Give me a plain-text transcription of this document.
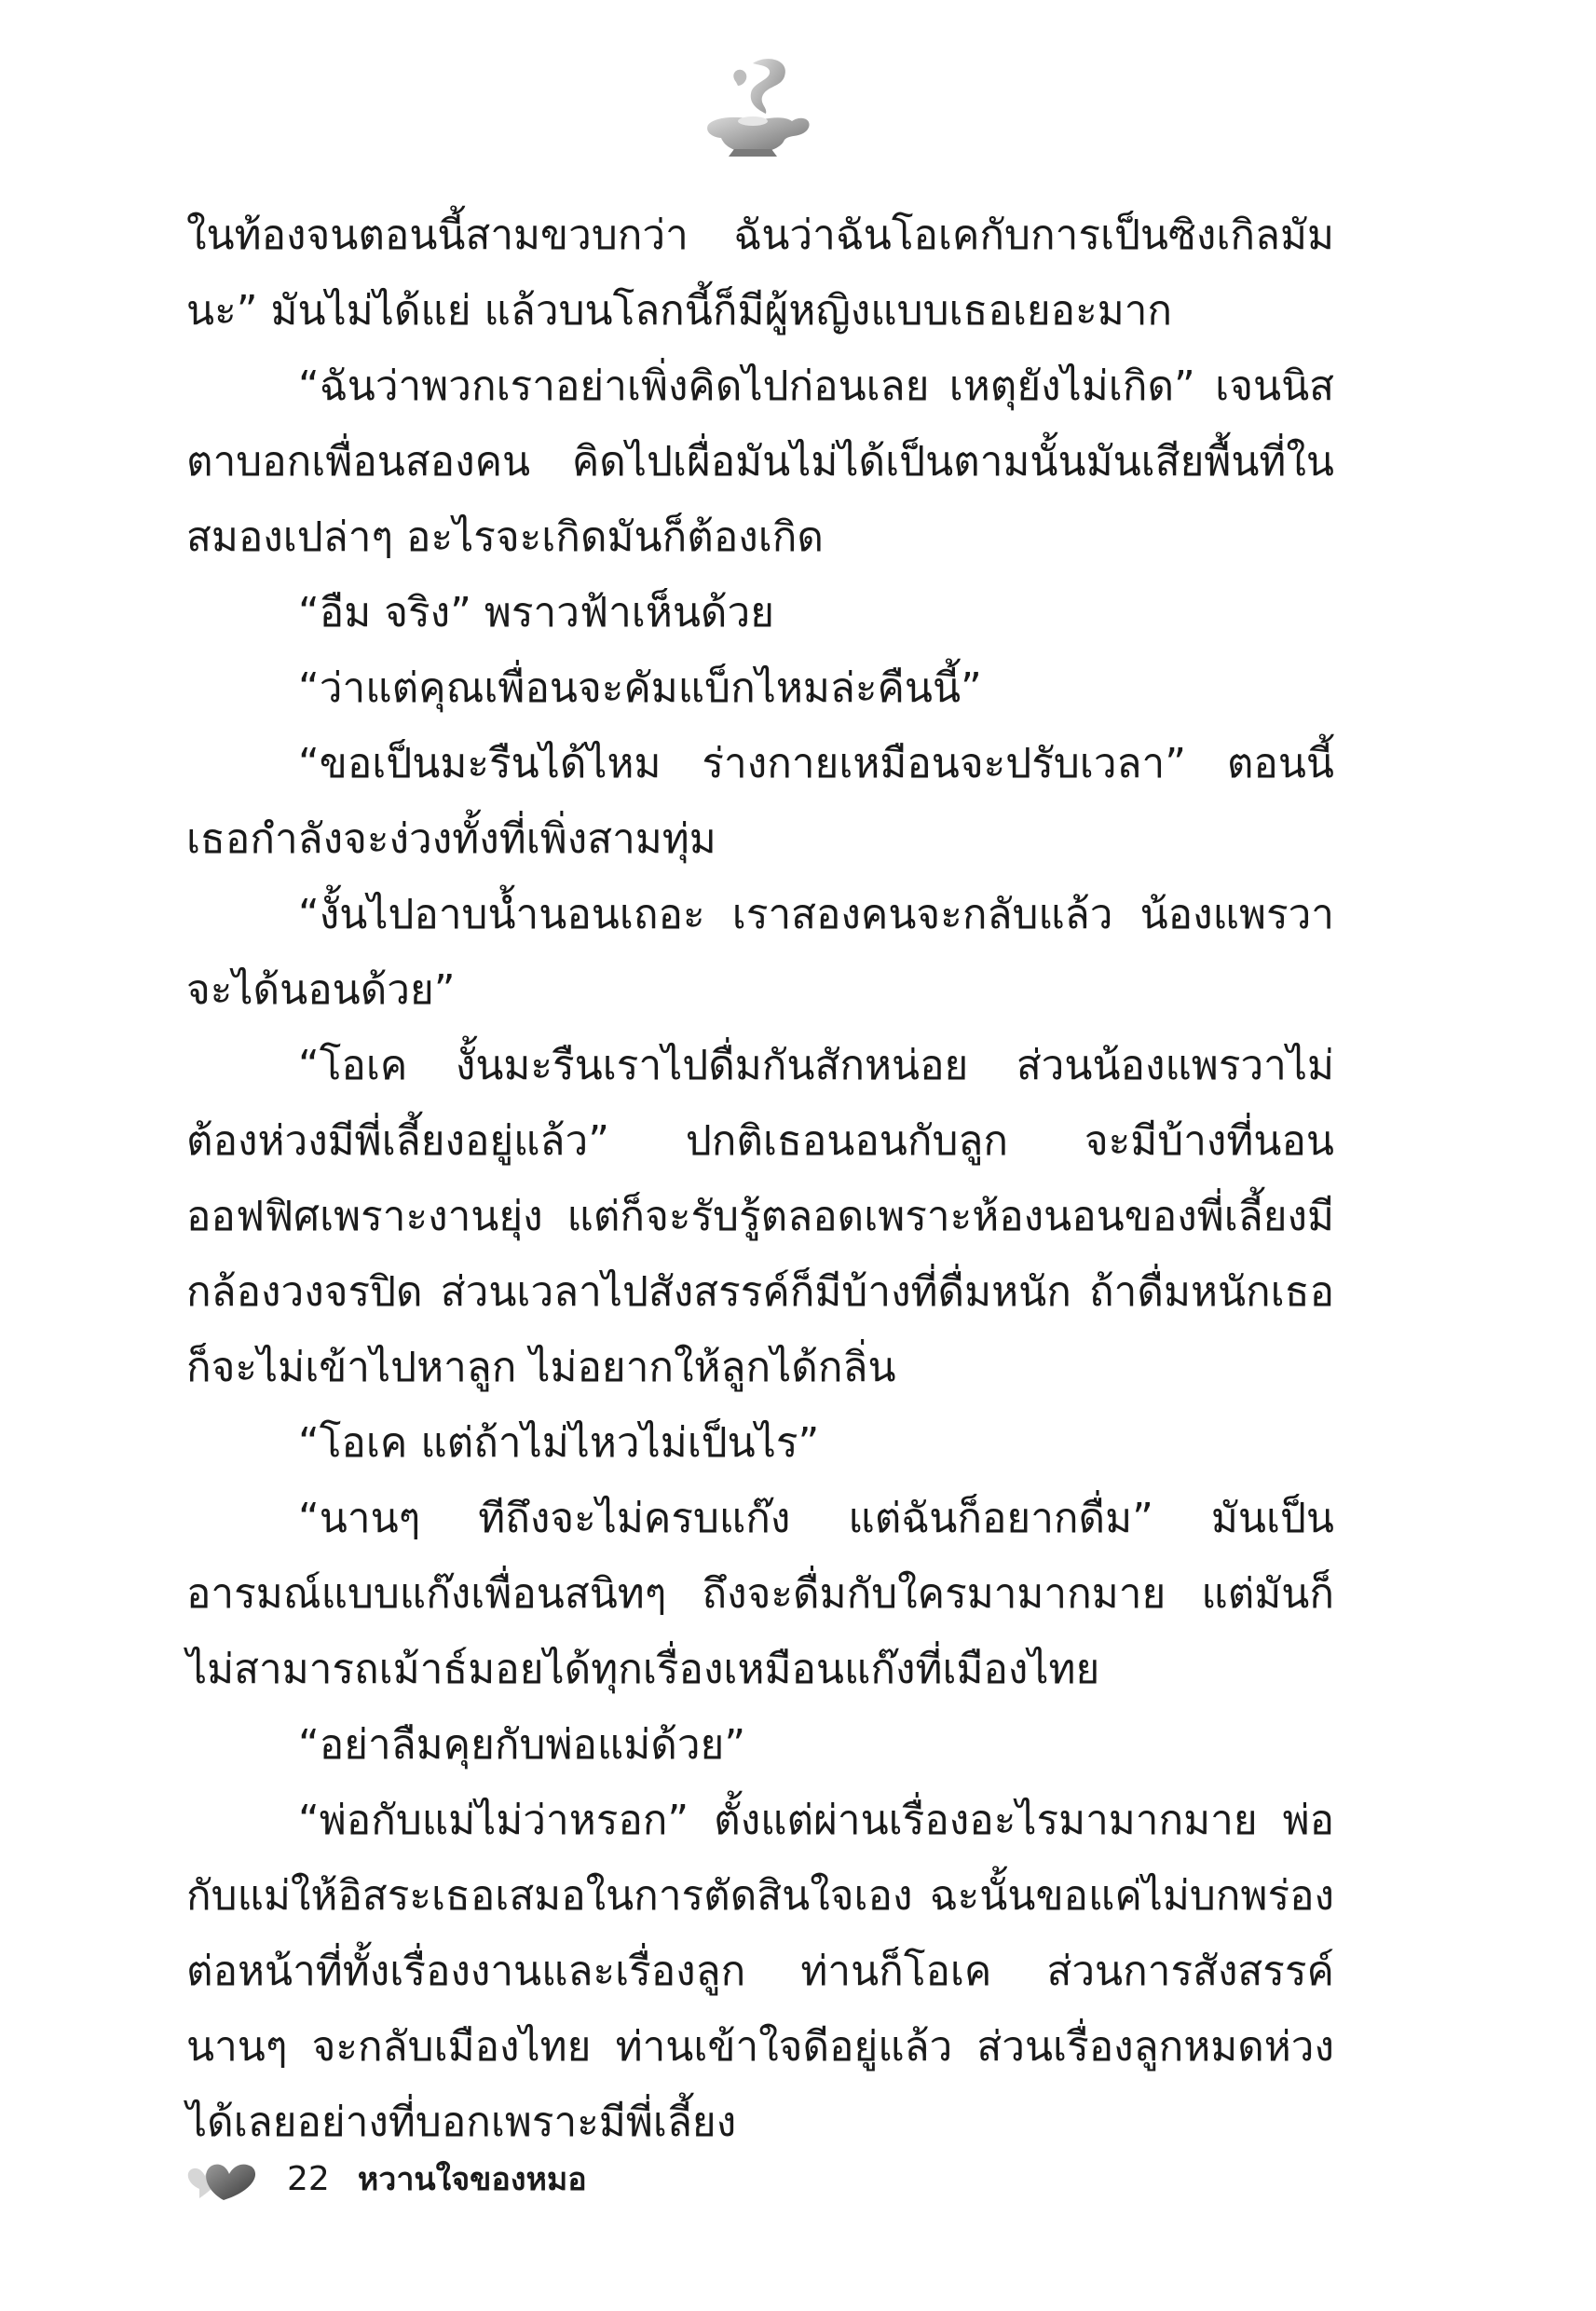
ในท้องจนตอนนี้สามขวบกว่า ฉันว่าฉันโอเคกับการเป็นซิงเกิลมัมนะ” มันไม่ได้แย่ แล้วบนโลกนี้ก็มีผู้หญิงแบบเธอเยอะมาก

“ฉันว่าพวกเราอย่าเพิ่งคิดไปก่อนเลย เหตุยังไม่เกิด” เจนนิสตาบอกเพื่อนสองคน คิดไปเผื่อมันไม่ได้เป็นตามนั้นมันเสียพื้นที่ในสมองเปล่าๆ อะไรจะเกิดมันก็ต้องเกิด

“อืม จริง” พราวฟ้าเห็นด้วย

“ว่าแต่คุณเพื่อนจะคัมแบ็กไหมล่ะคืนนี้”

“ขอเป็นมะรืนได้ไหม ร่างกายเหมือนจะปรับเวลา” ตอนนี้เธอกำลังจะง่วงทั้งที่เพิ่งสามทุ่ม

“งั้นไปอาบน้ำนอนเถอะ เราสองคนจะกลับแล้ว น้องแพรวาจะได้นอนด้วย”

“โอเค งั้นมะรืนเราไปดื่มกันสักหน่อย ส่วนน้องแพรวาไม่ต้องห่วงมีพี่เลี้ยงอยู่แล้ว” ปกติเธอนอนกับลูก จะมีบ้างที่นอนออฟฟิศเพราะงานยุ่ง แต่ก็จะรับรู้ตลอดเพราะห้องนอนของพี่เลี้ยงมีกล้องวงจรปิด ส่วนเวลาไปสังสรรค์ก็มีบ้างที่ดื่มหนัก ถ้าดื่มหนักเธอก็จะไม่เข้าไปหาลูก ไม่อยากให้ลูกได้กลิ่น

“โอเค แต่ถ้าไม่ไหวไม่เป็นไร”

“นานๆ ทีถึงจะไม่ครบแก๊ง แต่ฉันก็อยากดื่ม” มันเป็นอารมณ์แบบแก๊งเพื่อนสนิทๆ ถึงจะดื่มกับใครมามากมาย แต่มันก็ไม่สามารถเม้าธ์มอยได้ทุกเรื่องเหมือนแก๊งที่เมืองไทย

“อย่าลืมคุยกับพ่อแม่ด้วย”

“พ่อกับแม่ไม่ว่าหรอก” ตั้งแต่ผ่านเรื่องอะไรมามากมาย พ่อกับแม่ให้อิสระเธอเสมอในการตัดสินใจเอง ฉะนั้นขอแค่ไม่บกพร่องต่อหน้าที่ทั้งเรื่องงานและเรื่องลูก ท่านก็โอเค ส่วนการสังสรรค์นานๆ จะกลับเมืองไทย ท่านเข้าใจดีอยู่แล้ว ส่วนเรื่องลูกหมดห่วงได้เลยอย่างที่บอกเพราะมีพี่เลี้ยง

22 หวานใจของหมอ
